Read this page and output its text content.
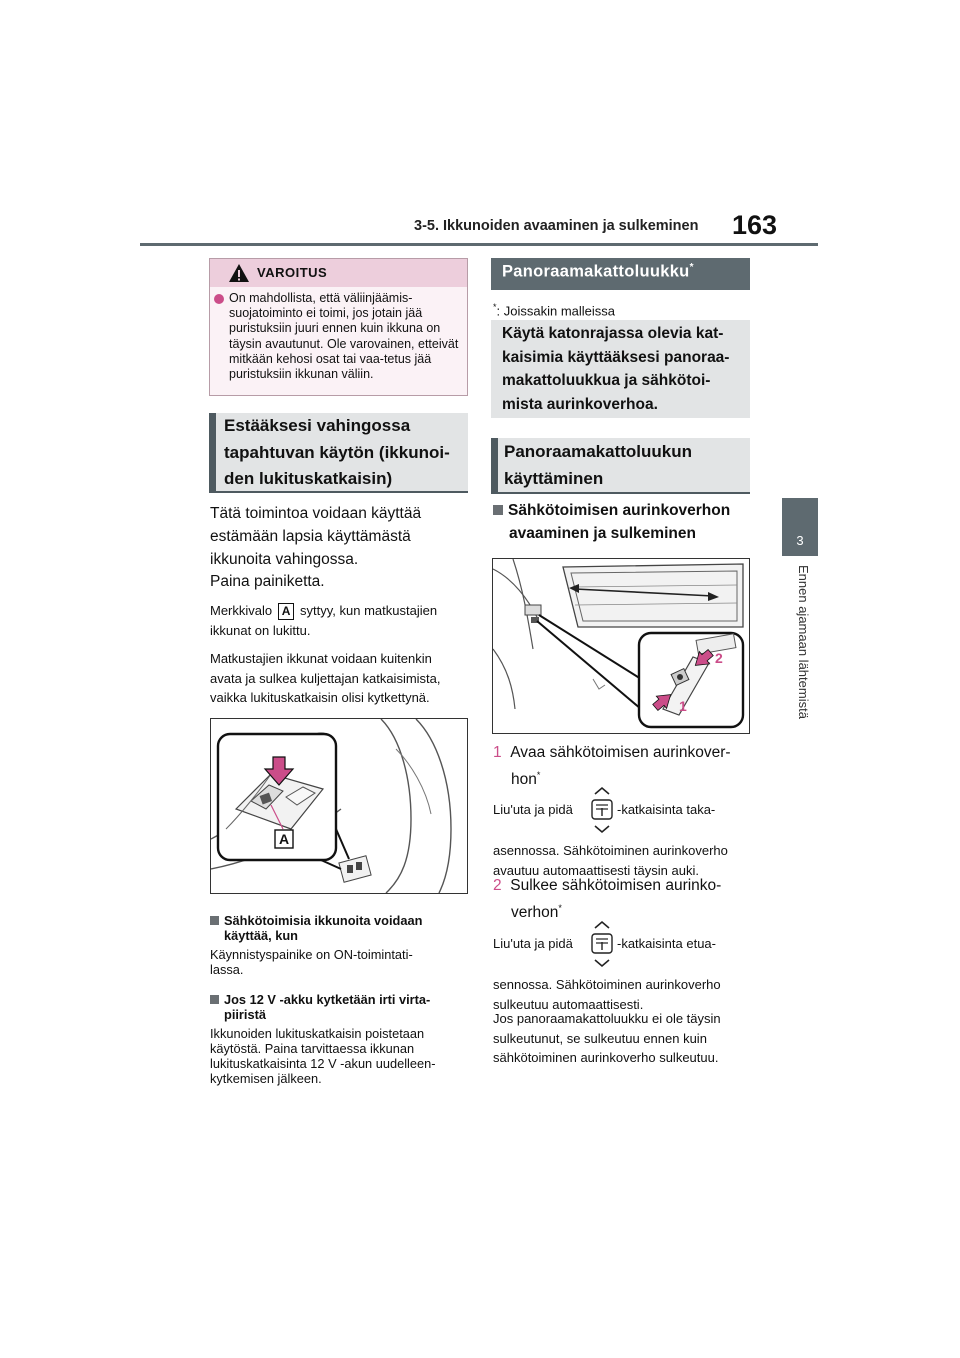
3-5. Ikkunoiden avaaminen ja sulkeminen 163
3
Ennen ajamaan lähtemistä
VAROITUS
On mahdollista, että väliinjäämis-suojatoiminto ei toimi, jos jotain jää puristuksiin juuri ennen kuin ikkuna on täysin avautunut. Ole varovainen, etteivät mitkään kehosi osat tai vaa-tetus jää puristuksiin ikkunan väliin.
Estääksesi vahingossa
tapahtuvan käytön (ikkunoi-
den lukituskatkaisin)
Tätä toimintoa voidaan käyttää
estämään lapsia käyttämästä
ikkunoita vahingossa.
Paina painiketta.
Merkkivalo A syttyy, kun matkustajien
ikkunat on lukittu.
Matkustajien ikkunat voidaan kuitenkin
avata ja sulkea kuljettajan katkaisimista,
vaikka lukituskatkaisin olisi kytkettynä.
A
Sähkötoimisia ikkunoita voidaan
käyttää, kun
Käynnistyspainike on ON-toimintati-
lassa.
Jos 12 V -akku kytketään irti virta-
piiristä
Ikkunoiden lukituskatkaisin poistetaan
käytöstä. Paina tarvittaessa ikkunan
lukituskatkaisinta 12 V -akun uudelleen-
kytkemisen jälkeen.
Panoraamakattoluukku*
*: Joissakin malleissa
Käytä katonrajassa olevia kat-
kaisimia käyttääksesi panoraa-
makattoluukkua ja sähkötoi-
mista aurinkoverhoa.
Panoraamakattoluukun
käyttäminen
Sähkötoimisen aurinkoverhon
avaaminen ja sulkeminen
2
1
1 Avaa sähkötoimisen aurinkover-
hon*
Liu'uta ja pidä	-katkaisinta taka-
asennossa. Sähkötoiminen aurinkoverho
avautuu automaattisesti täysin auki.
2 Sulkee sähkötoimisen aurinko-
verhon*
Liu'uta ja pidä	-katkaisinta etua-
sennossa. Sähkötoiminen aurinkoverho
sulkeutuu automaattisesti.
Jos panoraamakattoluukku ei ole täysin
sulkeutunut, se sulkeutuu ennen kuin
sähkötoiminen aurinkoverho sulkeutuu.
